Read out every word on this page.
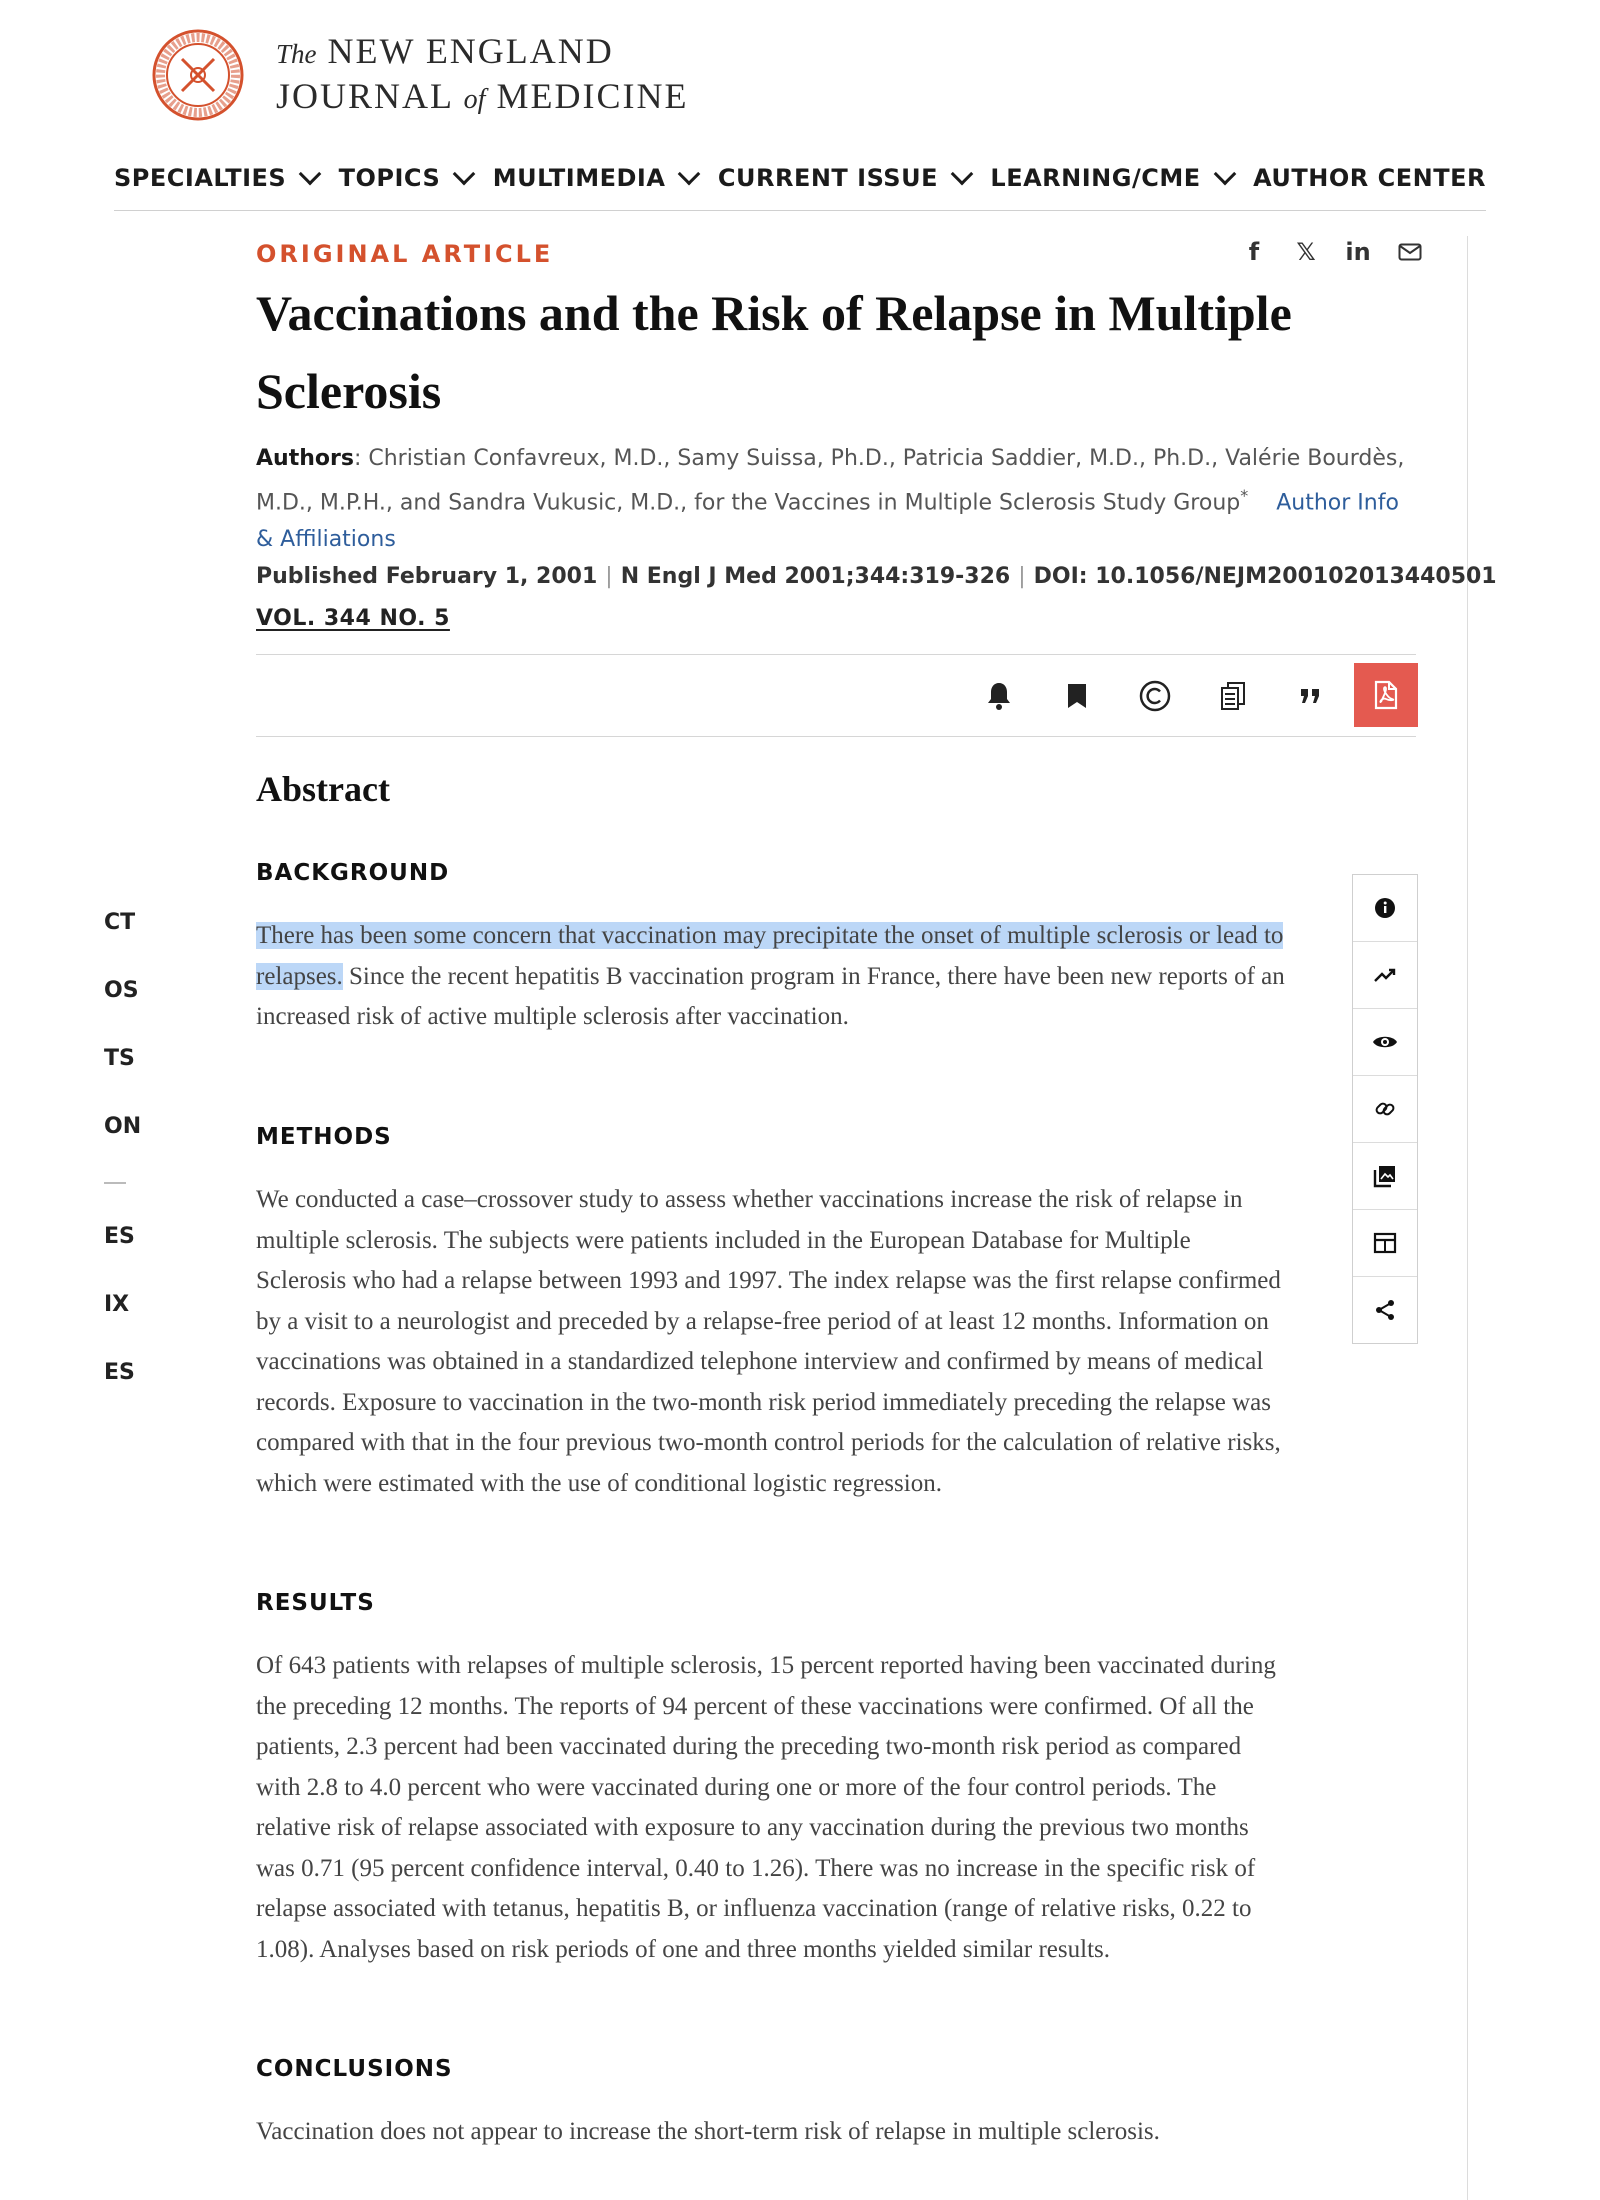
The NEW ENGLAND
JOURNAL of MEDICINE
SPECIALTIES TOPICS MULTIMEDIA CURRENT ISSUE LEARNING/CME AUTHOR CENTER
ORIGINAL ARTICLE	f 𝕏 in
Vaccinations and the Risk of Relapse in Multiple Sclerosis
Authors: Christian Confavreux, M.D., Samy Suissa, Ph.D., Patricia Saddier, M.D., Ph.D., Valérie Bourdès, M.D., M.P.H., and Sandra Vukusic, M.D., for the Vaccines in Multiple Sclerosis Study Group* Author Info & Affiliations
Published February 1, 2001 | N Engl J Med 2001;344:319-326 | DOI: 10.1056/NEJM200102013440501
VOL. 344 NO. 5
Abstract
BACKGROUND

There has been some concern that vaccination may precipitate the onset of multiple sclerosis or lead to relapses. Since the recent hepatitis B vaccination program in France, there have been new reports of an increased risk of active multiple sclerosis after vaccination.

METHODS

We conducted a case–crossover study to assess whether vaccinations increase the risk of relapse in multiple sclerosis. The subjects were patients included in the European Database for Multiple Sclerosis who had a relapse between 1993 and 1997. The index relapse was the first relapse confirmed by a visit to a neurologist and preceded by a relapse-free period of at least 12 months. Information on vaccinations was obtained in a standardized telephone interview and confirmed by means of medical records. Exposure to vaccination in the two-month risk period immediately preceding the relapse was compared with that in the four previous two-month control periods for the calculation of relative risks, which were estimated with the use of conditional logistic regression.

RESULTS

Of 643 patients with relapses of multiple sclerosis, 15 percent reported having been vaccinated during the preceding 12 months. The reports of 94 percent of these vaccinations were confirmed. Of all the patients, 2.3 percent had been vaccinated during the preceding two-month risk period as compared with 2.8 to 4.0 percent who were vaccinated during one or more of the four control periods. The relative risk of relapse associated with exposure to any vaccination during the previous two months was 0.71 (95 percent confidence interval, 0.40 to 1.26). There was no increase in the specific risk of relapse associated with tetanus, hepatitis B, or influenza vaccination (range of relative risks, 0.22 to 1.08). Analyses based on risk periods of one and three months yielded similar results.

CONCLUSIONS

Vaccination does not appear to increase the short-term risk of relapse in multiple sclerosis.

CT
OS
TS
ON
ES
IX
ES
